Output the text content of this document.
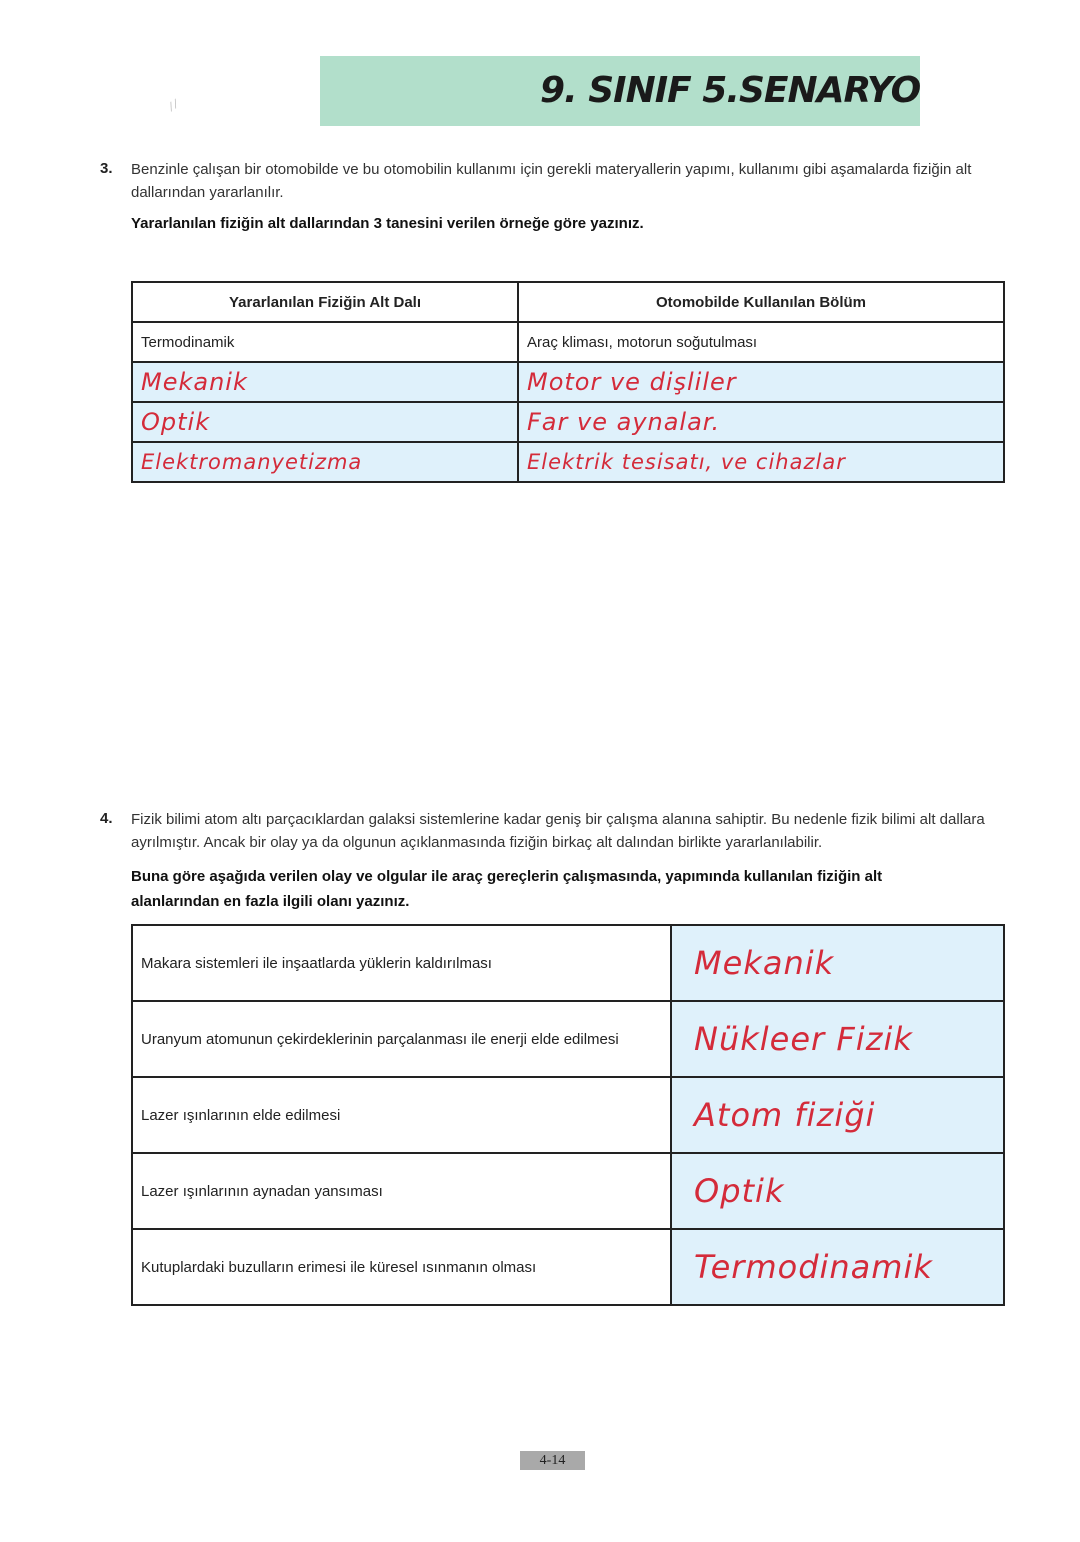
9. SINIF 5.SENARYO
⁄ ⁄
3. Benzinle çalışan bir otomobilde ve bu otomobilin kullanımı için gerekli materyallerin yapımı, kullanımı gibi aşamalarda fiziğin alt dallarından yararlanılır.
Yararlanılan fiziğin alt dallarından 3 tanesini verilen örneğe göre yazınız.
Yararlanılan Fiziğin Alt Dalı	Otomobilde Kullanılan Bölüm
Termodinamik	Araç kliması, motorun soğutulması
Mekanik	Motor ve dişliler
Optik	Far ve aynalar.
Elektromanyetizma	Elektrik tesisatı, ve cihazlar
4. Fizik bilimi atom altı parçacıklardan galaksi sistemlerine kadar geniş bir çalışma alanına sahiptir. Bu nedenle fizik bilimi alt dallara ayrılmıştır. Ancak bir olay ya da olgunun açıklanmasında fiziğin birkaç alt dalından birlikte yararlanılabilir.
Buna göre aşağıda verilen olay ve olgular ile araç gereçlerin çalışmasında, yapımında kullanılan fiziğin alt alanlarından en fazla ilgili olanı yazınız.
Makara sistemleri ile inşaatlarda yüklerin kaldırılması	Mekanik
Uranyum atomunun çekirdeklerinin parçalanması ile enerji elde edilmesi	Nükleer Fizik
Lazer ışınlarının elde edilmesi	Atom fiziği
Lazer ışınlarının aynadan yansıması	Optik
Kutuplardaki buzulların erimesi ile küresel ısınmanın olması	Termodinamik
4-14
